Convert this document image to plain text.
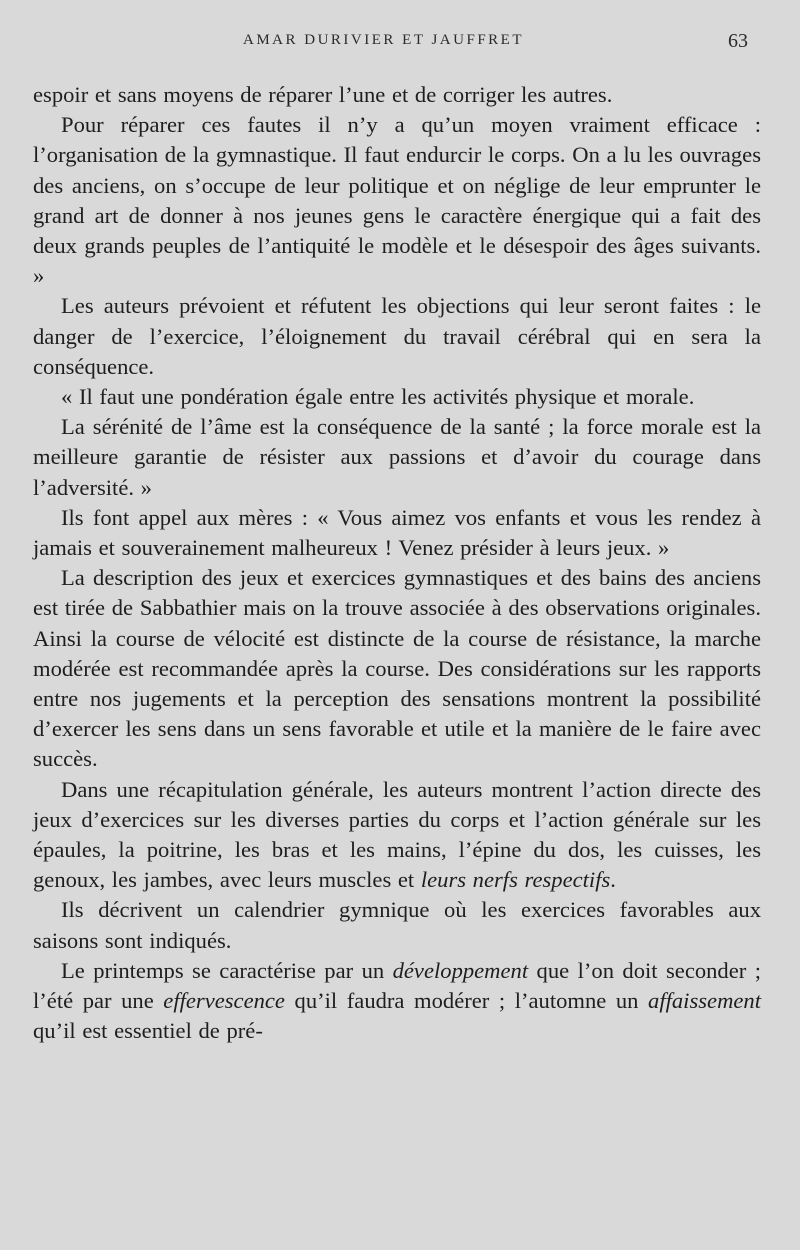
AMAR DURIVIER ET JAUFFRET	63

espoir et sans moyens de réparer l’une et de corriger les autres.

Pour réparer ces fautes il n’y a qu’un moyen vraiment efficace : l’organisation de la gymnastique. Il faut endurcir le corps. On a lu les ouvrages des anciens, on s’occupe de leur politique et on néglige de leur emprunter le grand art de donner à nos jeunes gens le caractère énergique qui a fait des deux grands peuples de l’antiquité le modèle et le désespoir des âges suivants. »

Les auteurs prévoient et réfutent les objections qui leur seront faites : le danger de l’exercice, l’éloignement du travail cérébral qui en sera la conséquence.

« Il faut une pondération égale entre les activités physique et morale.

La sérénité de l’âme est la conséquence de la santé ; la force morale est la meilleure garantie de résister aux passions et d’avoir du courage dans l’adversité. »

Ils font appel aux mères : « Vous aimez vos enfants et vous les rendez à jamais et souverainement malheureux ! Venez présider à leurs jeux. »

La description des jeux et exercices gymnastiques et des bains des anciens est tirée de Sabbathier mais on la trouve associée à des observations originales. Ainsi la course de vélocité est distincte de la course de résistance, la marche modérée est recommandée après la course. Des considérations sur les rapports entre nos jugements et la perception des sensations montrent la possibilité d’exercer les sens dans un sens favorable et utile et la manière de le faire avec succès.

Dans une récapitulation générale, les auteurs montrent l’action directe des jeux d’exercices sur les diverses parties du corps et l’action générale sur les épaules, la poitrine, les bras et les mains, l’épine du dos, les cuisses, les genoux, les jambes, avec leurs muscles et leurs nerfs respectifs.

Ils décrivent un calendrier gymnique où les exercices favorables aux saisons sont indiqués.

Le printemps se caractérise par un développement que l’on doit seconder ; l’été par une effervescence qu’il faudra modérer ; l’automne un affaissement qu’il est essentiel de pré-
